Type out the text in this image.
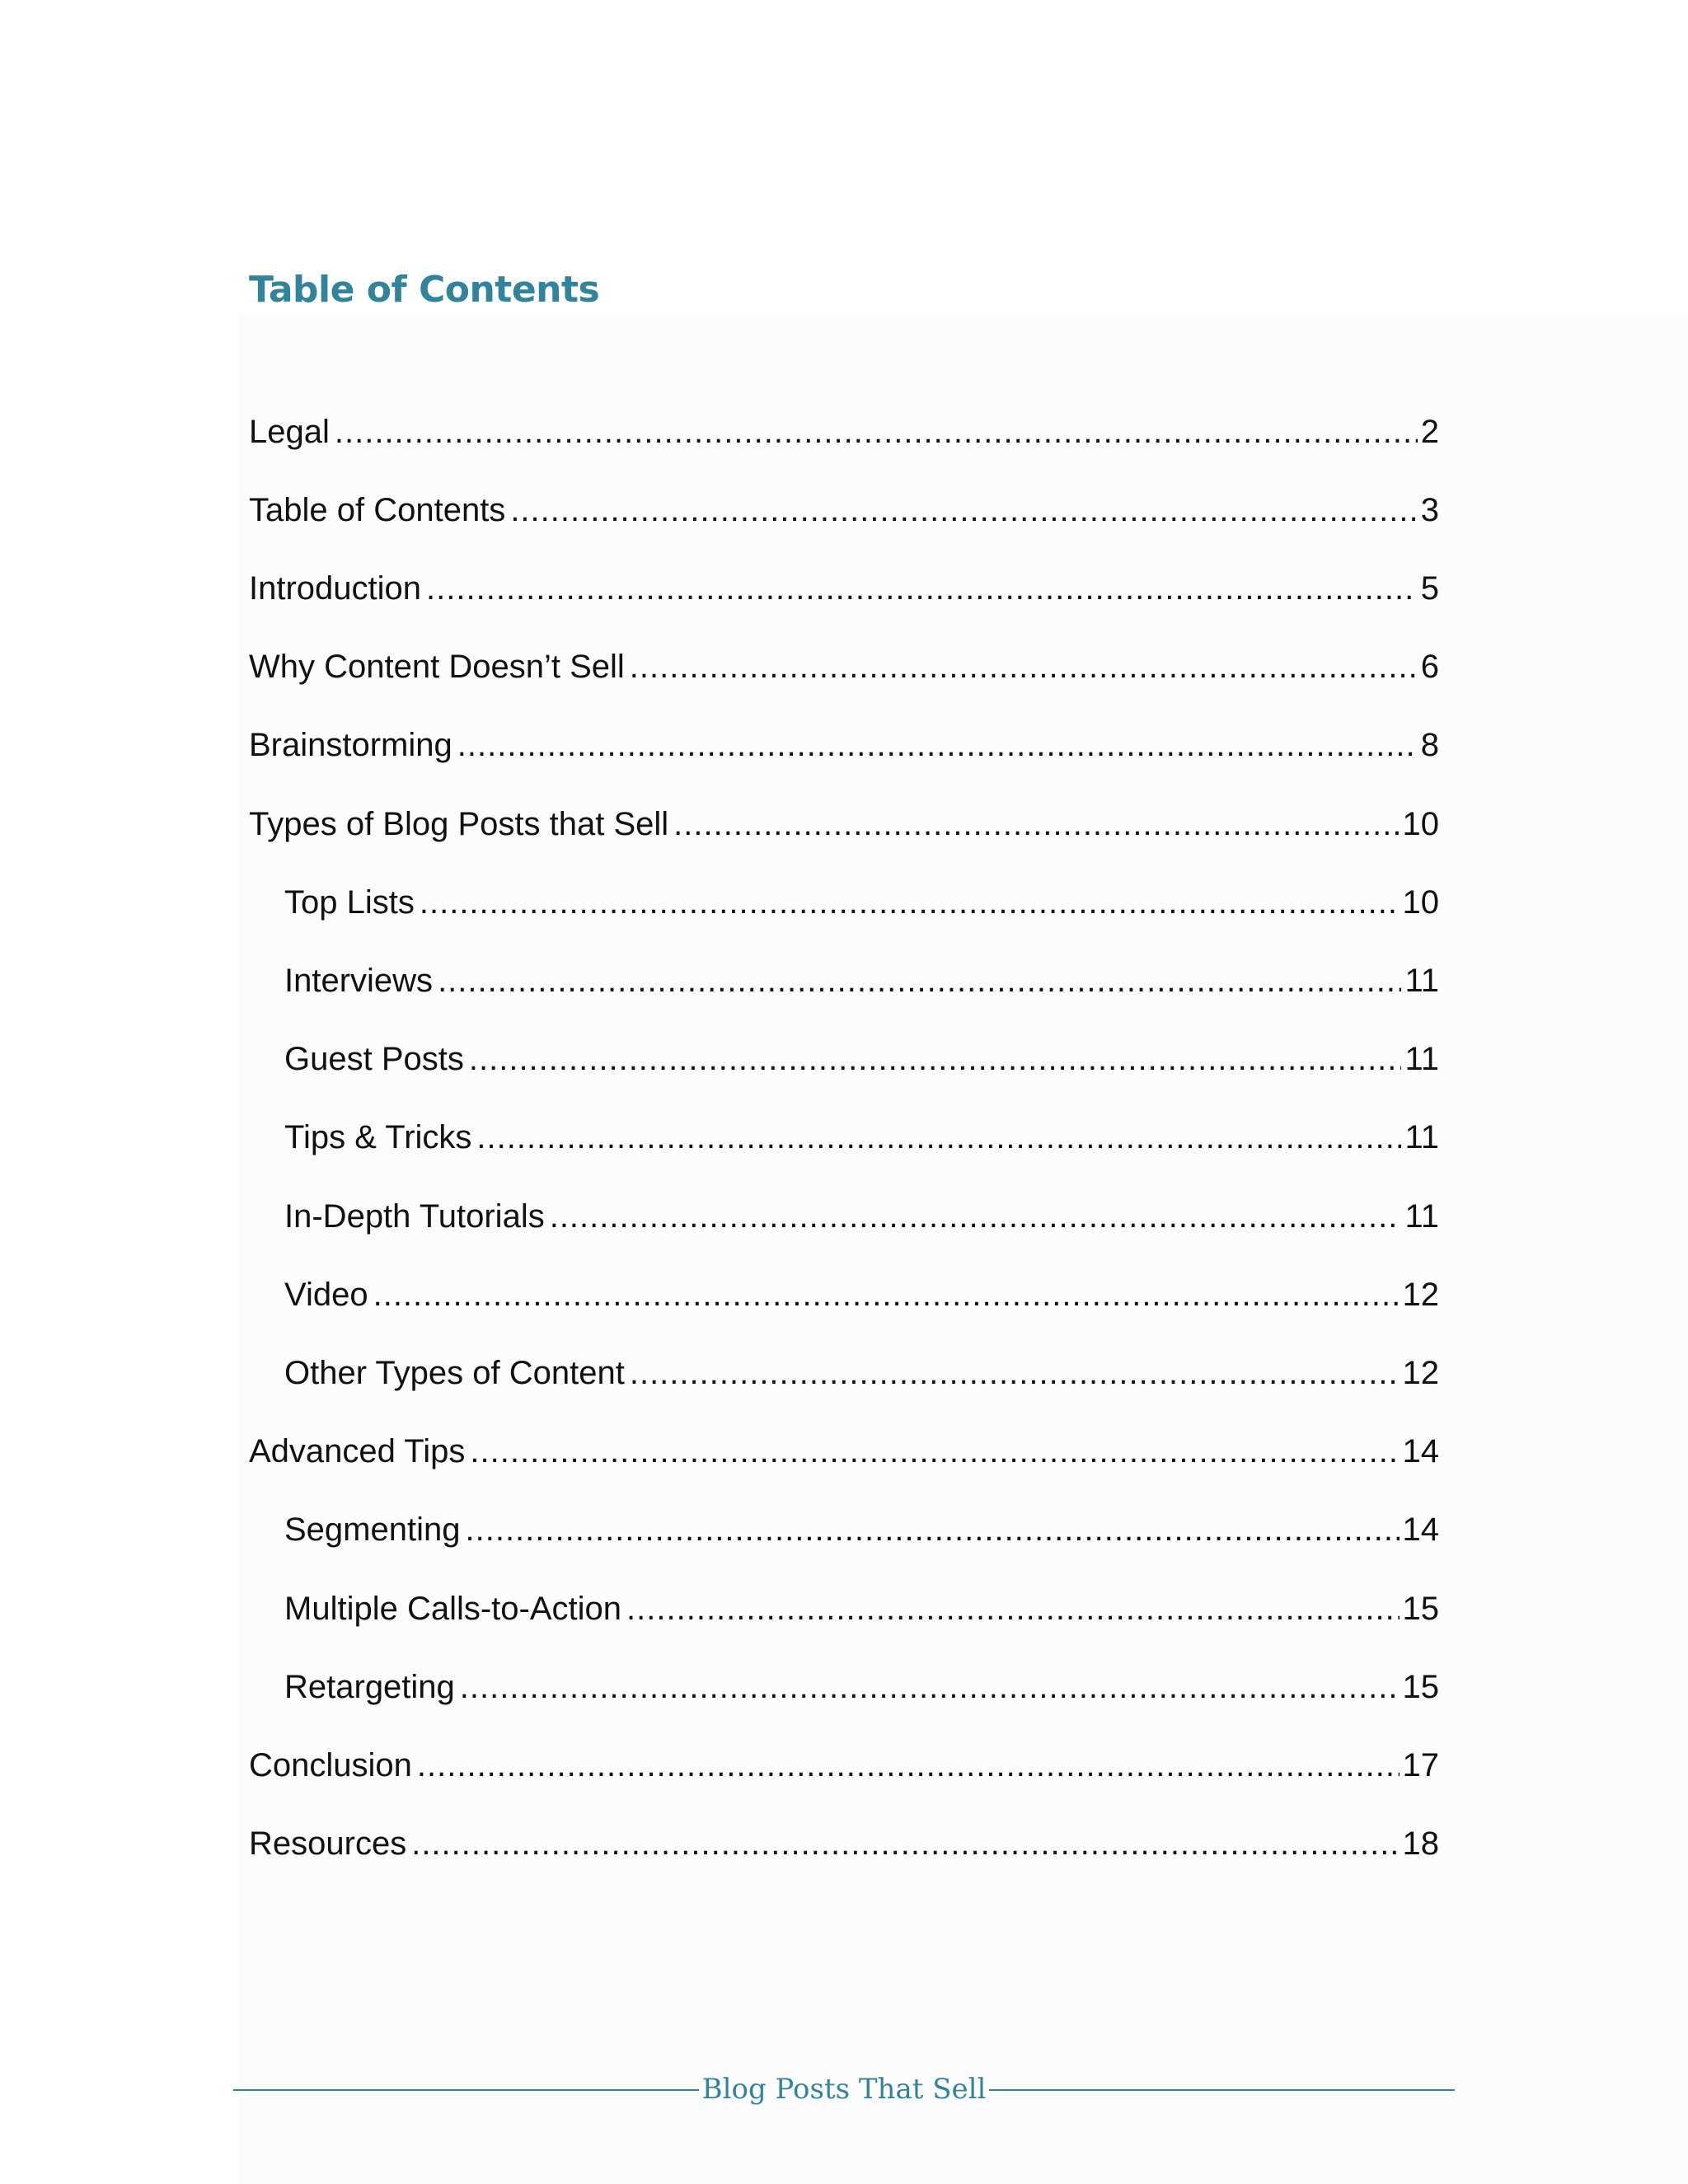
Table of Contents
Legal .....	2
Table of Contents .....	3
Introduction .....	5
Why Content Doesn’t Sell .....	6
Brainstorming .....	8
Types of Blog Posts that Sell .....	10
Top Lists .....	10
Interviews .....	11
Guest Posts .....	11
Tips & Tricks .....	11
In-Depth Tutorials .....	11
Video .....	12
Other Types of Content .....	12
Advanced Tips .....	14
Segmenting .....	14
Multiple Calls-to-Action .....	15
Retargeting .....	15
Conclusion .....	17
Resources .....	18
Blog Posts That Sell
